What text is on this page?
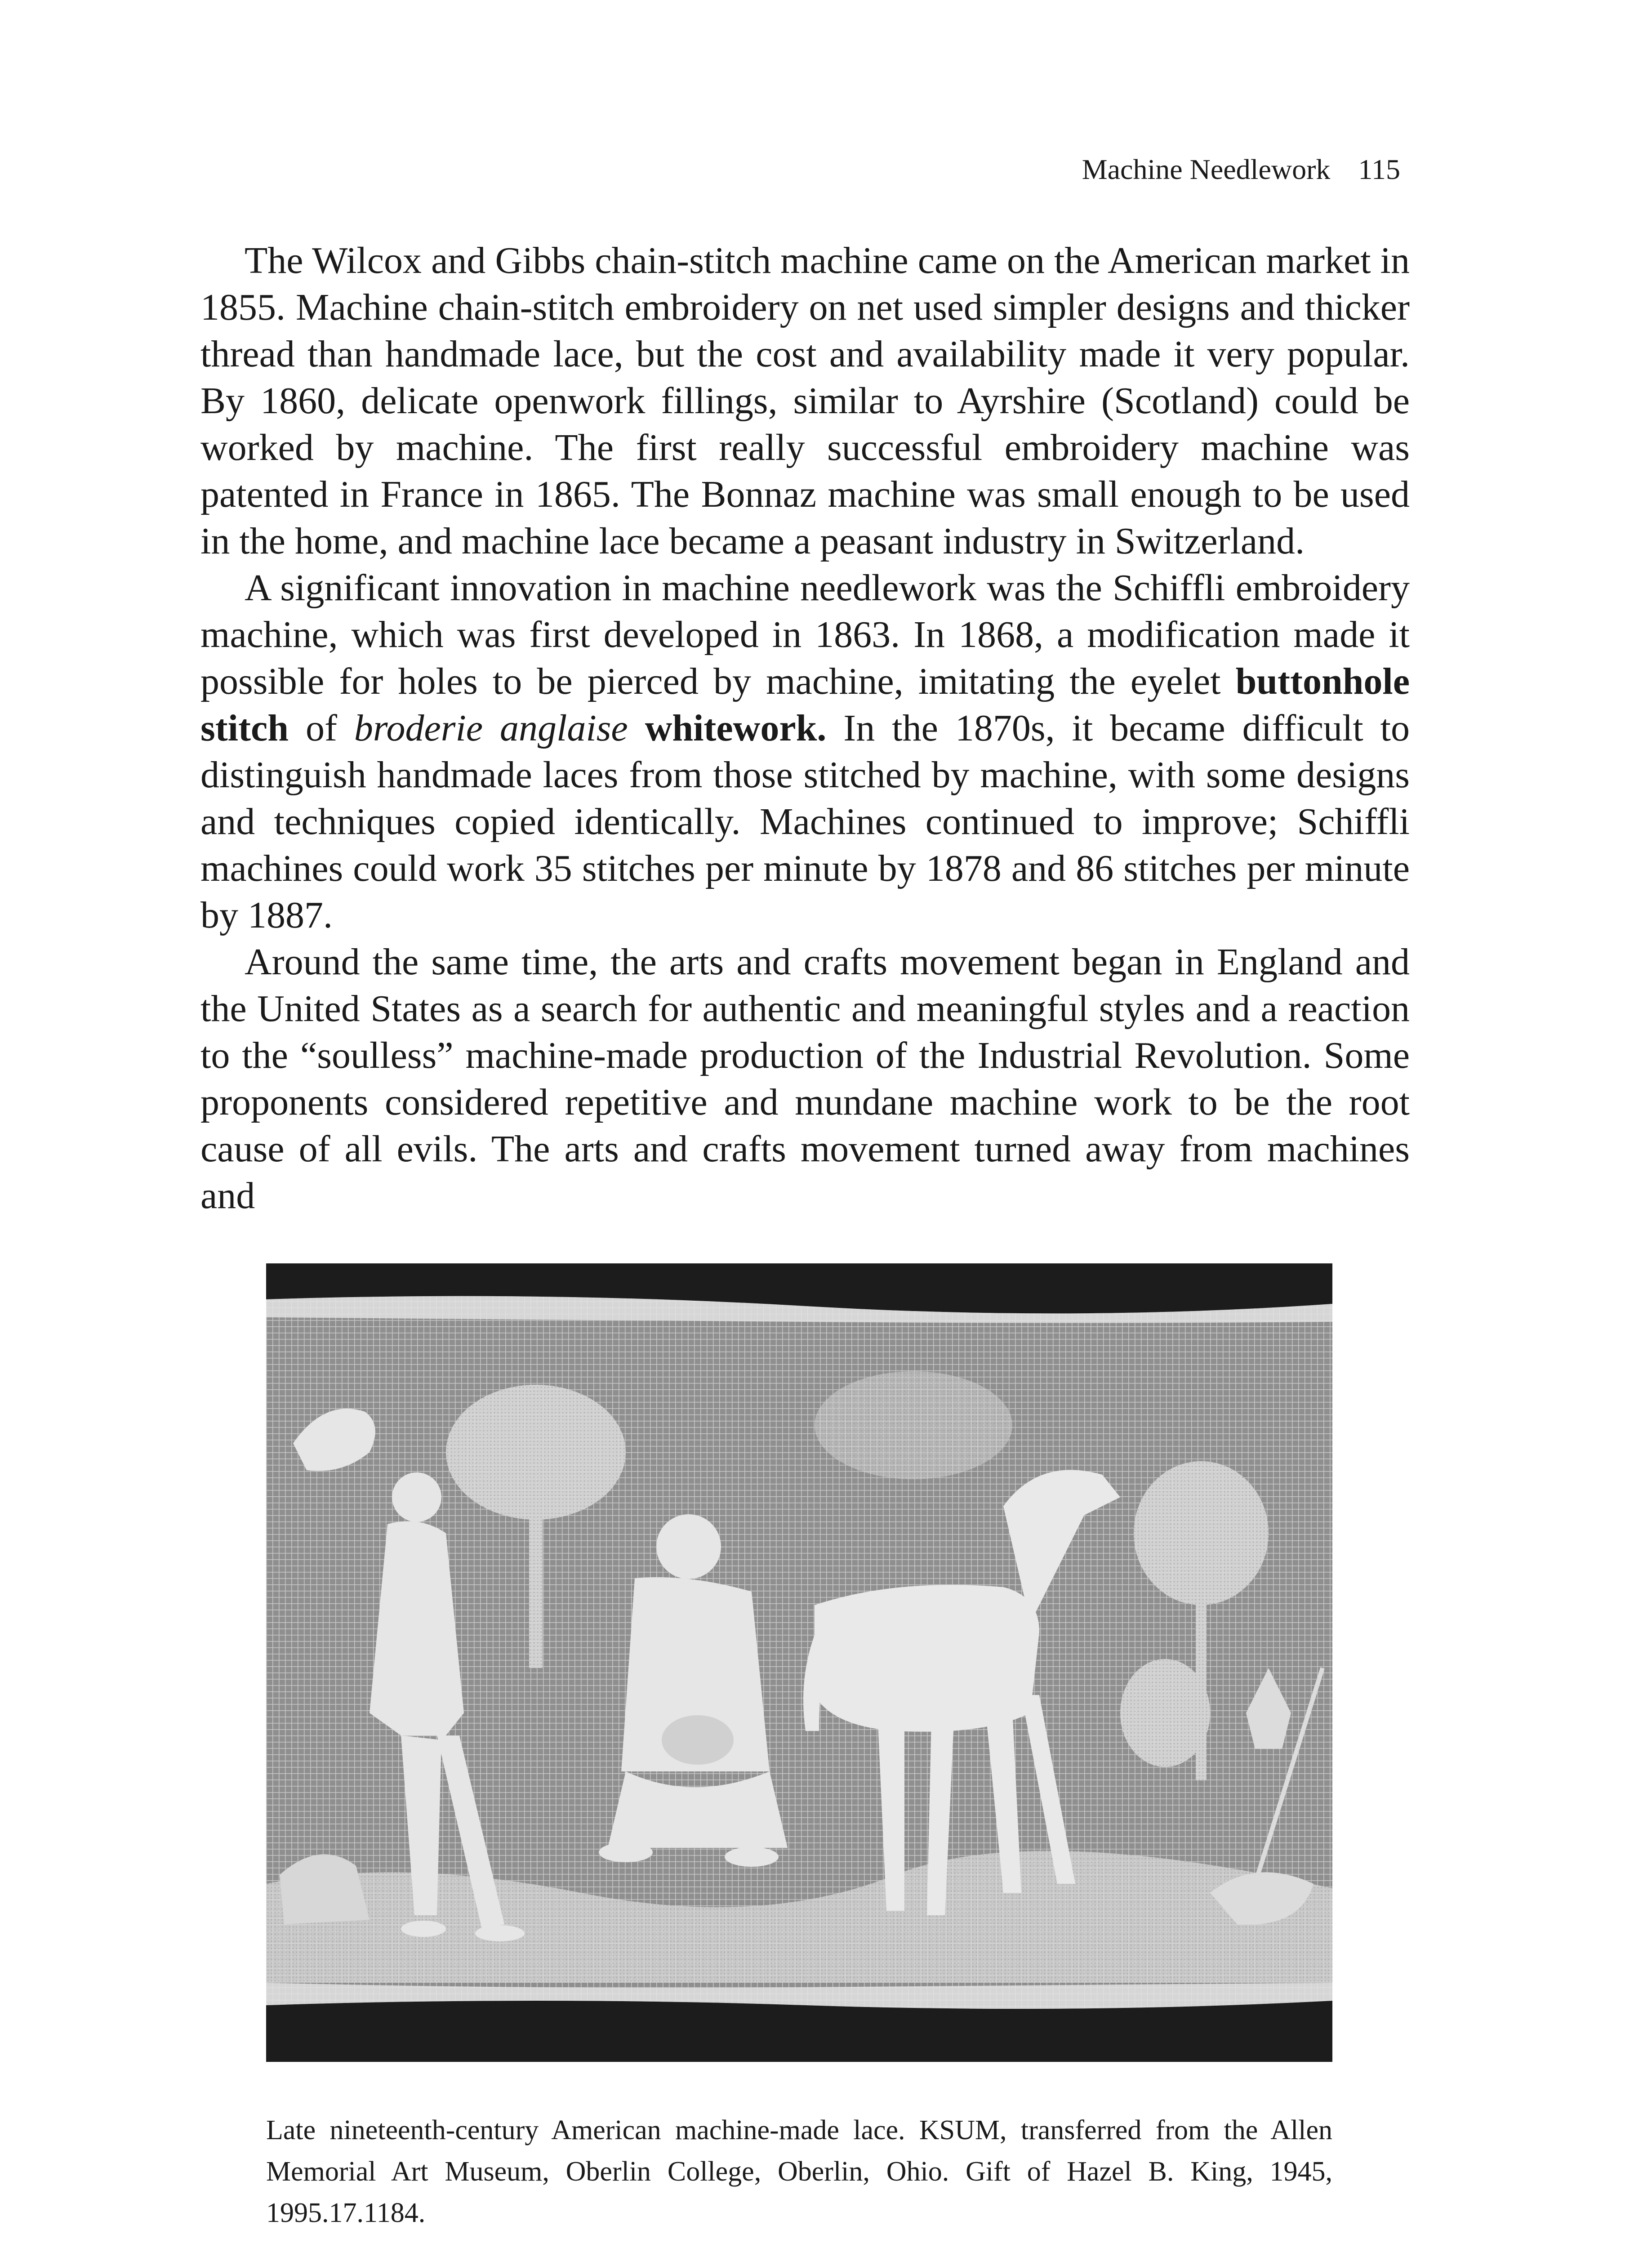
Machine Needlework 115

The Wilcox and Gibbs chain-stitch machine came on the American market in 1855. Machine chain-stitch embroidery on net used simpler designs and thicker thread than handmade lace, but the cost and availability made it very popular. By 1860, delicate openwork fillings, similar to Ayrshire (Scotland) could be worked by machine. The first really successful embroidery machine was patented in France in 1865. The Bonnaz machine was small enough to be used in the home, and machine lace became a peasant industry in Switzerland.

A significant innovation in machine needlework was the Schiffli embroidery machine, which was first developed in 1863. In 1868, a modification made it possible for holes to be pierced by machine, imitating the eyelet buttonhole stitch of broderie anglaise whitework. In the 1870s, it became difficult to distinguish handmade laces from those stitched by machine, with some designs and techniques copied identically. Machines continued to improve; Schiffli machines could work 35 stitches per minute by 1878 and 86 stitches per minute by 1887.

Around the same time, the arts and crafts movement began in England and the United States as a search for authentic and meaningful styles and a reaction to the “soulless” machine-made production of the Industrial Revolution. Some proponents considered repetitive and mundane machine work to be the root cause of all evils. The arts and crafts movement turned away from machines and

Late nineteenth-century American machine-made lace. KSUM, transferred from the Allen Memorial Art Museum, Oberlin College, Oberlin, Ohio. Gift of Hazel B. King, 1945, 1995.17.1184.
